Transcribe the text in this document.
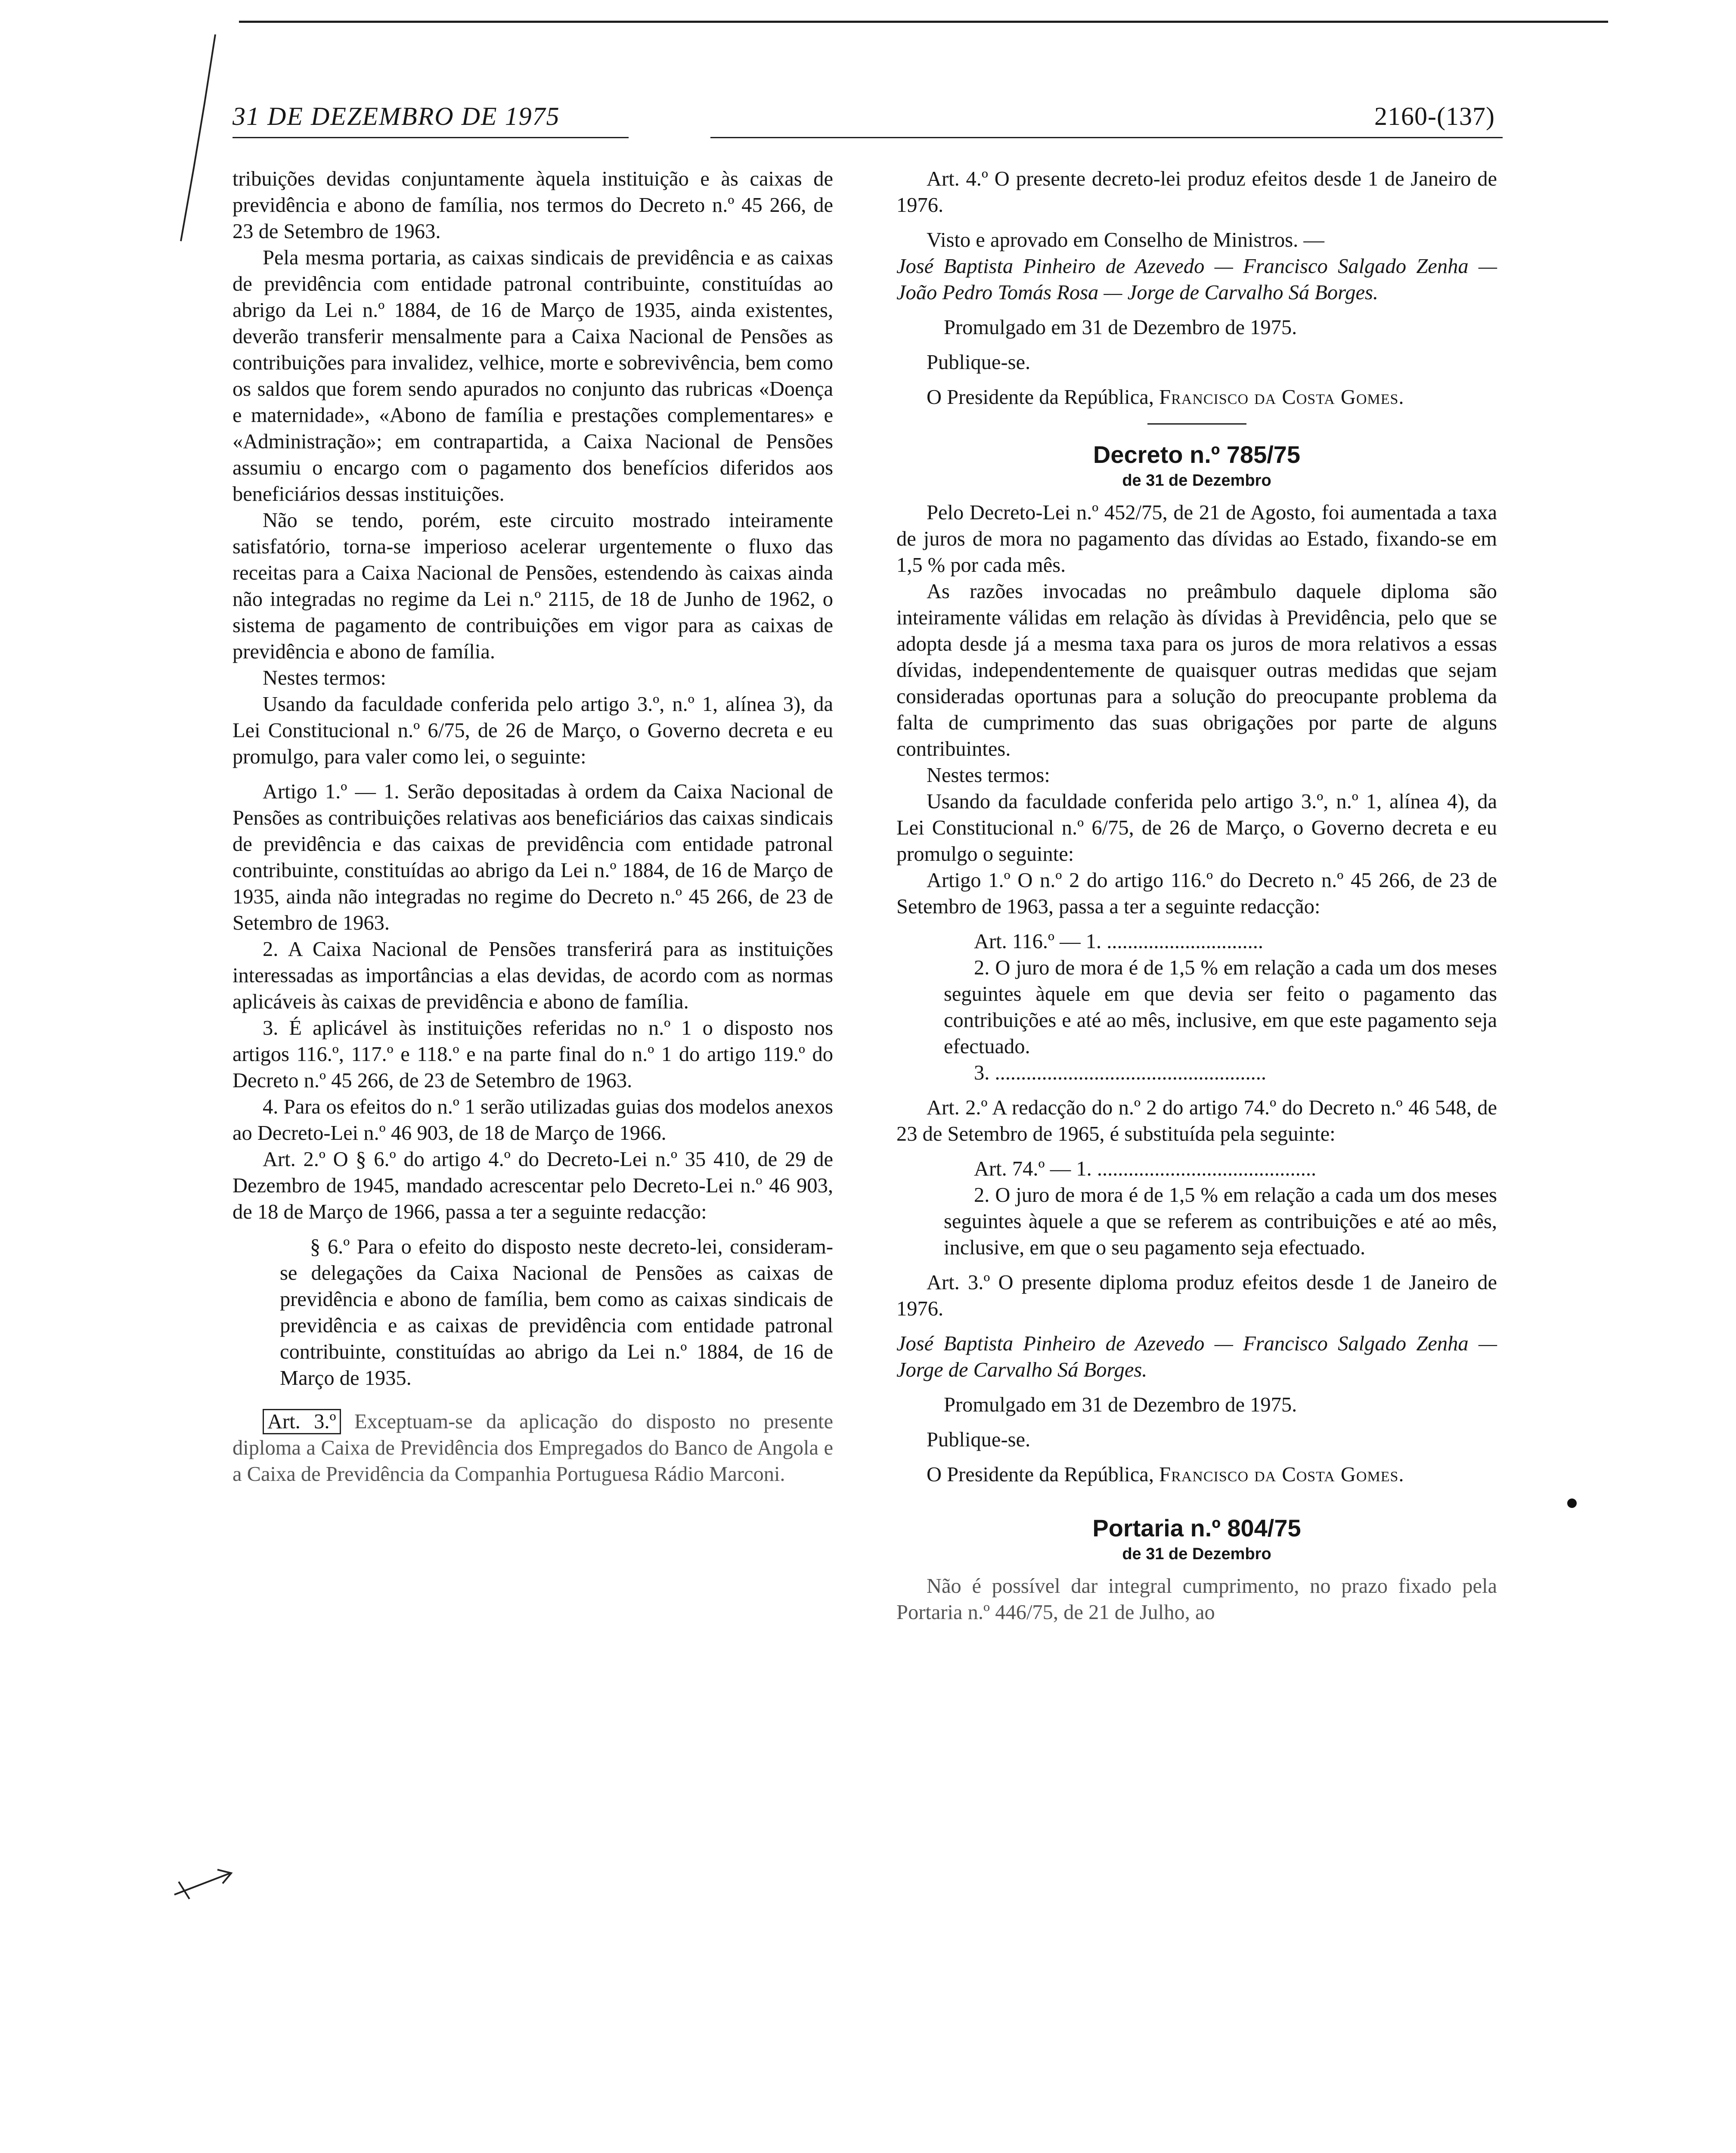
31 DE DEZEMBRO DE 1975	2160-(137)

tribuições devidas conjuntamente àquela instituição e às caixas de previdência e abono de família, nos termos do Decreto n.º 45 266, de 23 de Setembro de 1963.

Pela mesma portaria, as caixas sindicais de previdência e as caixas de previdência com entidade patronal contribuinte, constituídas ao abrigo da Lei n.º 1884, de 16 de Março de 1935, ainda existentes, deverão transferir mensalmente para a Caixa Nacional de Pensões as contribuições para invalidez, velhice, morte e sobrevivência, bem como os saldos que forem sendo apurados no conjunto das rubricas «Doença e maternidade», «Abono de família e prestações complementares» e «Administração»; em contrapartida, a Caixa Nacional de Pensões assumiu o encargo com o pagamento dos benefícios diferidos aos beneficiários dessas instituições.

Não se tendo, porém, este circuito mostrado inteiramente satisfatório, torna-se imperioso acelerar urgentemente o fluxo das receitas para a Caixa Nacional de Pensões, estendendo às caixas ainda não integradas no regime da Lei n.º 2115, de 18 de Junho de 1962, o sistema de pagamento de contribuições em vigor para as caixas de previdência e abono de família.

Nestes termos:

Usando da faculdade conferida pelo artigo 3.º, n.º 1, alínea 3), da Lei Constitucional n.º 6/75, de 26 de Março, o Governo decreta e eu promulgo, para valer como lei, o seguinte:

Artigo 1.º — 1. Serão depositadas à ordem da Caixa Nacional de Pensões as contribuições relativas aos beneficiários das caixas sindicais de previdência e das caixas de previdência com entidade patronal contribuinte, constituídas ao abrigo da Lei n.º 1884, de 16 de Março de 1935, ainda não integradas no regime do Decreto n.º 45 266, de 23 de Setembro de 1963.

2. A Caixa Nacional de Pensões transferirá para as instituições interessadas as importâncias a elas devidas, de acordo com as normas aplicáveis às caixas de previdência e abono de família.

3. É aplicável às instituições referidas no n.º 1 o disposto nos artigos 116.º, 117.º e 118.º e na parte final do n.º 1 do artigo 119.º do Decreto n.º 45 266, de 23 de Setembro de 1963.

4. Para os efeitos do n.º 1 serão utilizadas guias dos modelos anexos ao Decreto-Lei n.º 46 903, de 18 de Março de 1966.

Art. 2.º O § 6.º do artigo 4.º do Decreto-Lei n.º 35 410, de 29 de Dezembro de 1945, mandado acrescentar pelo Decreto-Lei n.º 46 903, de 18 de Março de 1966, passa a ter a seguinte redacção:

§ 6.º Para o efeito do disposto neste decreto-lei, consideram-se delegações da Caixa Nacional de Pensões as caixas de previdência e abono de família, bem como as caixas sindicais de previdência e as caixas de previdência com entidade patronal contribuinte, constituídas ao abrigo da Lei n.º 1884, de 16 de Março de 1935.

Art. 3.º Exceptuam-se da aplicação do disposto no presente diploma a Caixa de Previdência dos Empregados do Banco de Angola e a Caixa de Previdência da Companhia Portuguesa Rádio Marconi.

Art. 4.º O presente decreto-lei produz efeitos desde 1 de Janeiro de 1976.

Visto e aprovado em Conselho de Ministros. —

José Baptista Pinheiro de Azevedo — Francisco Salgado Zenha — João Pedro Tomás Rosa — Jorge de Carvalho Sá Borges.

Promulgado em 31 de Dezembro de 1975.

Publique-se.

O Presidente da República, Francisco da Costa Gomes.

Decreto n.º 785/75
de 31 de Dezembro

Pelo Decreto-Lei n.º 452/75, de 21 de Agosto, foi aumentada a taxa de juros de mora no pagamento das dívidas ao Estado, fixando-se em 1,5 % por cada mês.

As razões invocadas no preâmbulo daquele diploma são inteiramente válidas em relação às dívidas à Previdência, pelo que se adopta desde já a mesma taxa para os juros de mora relativos a essas dívidas, independentemente de quaisquer outras medidas que sejam consideradas oportunas para a solução do preocupante problema da falta de cumprimento das suas obrigações por parte de alguns contribuintes.

Nestes termos:

Usando da faculdade conferida pelo artigo 3.º, n.º 1, alínea 4), da Lei Constitucional n.º 6/75, de 26 de Março, o Governo decreta e eu promulgo o seguinte:

Artigo 1.º O n.º 2 do artigo 116.º do Decreto n.º 45 266, de 23 de Setembro de 1963, passa a ter a seguinte redacção:

Art. 116.º — 1. ..............................

2. O juro de mora é de 1,5 % em relação a cada um dos meses seguintes àquele em que devia ser feito o pagamento das contribuições e até ao mês, inclusive, em que este pagamento seja efectuado.

3. ....................................................

Art. 2.º A redacção do n.º 2 do artigo 74.º do Decreto n.º 46 548, de 23 de Setembro de 1965, é substituída pela seguinte:

Art. 74.º — 1. ..........................................

2. O juro de mora é de 1,5 % em relação a cada um dos meses seguintes àquele a que se referem as contribuições e até ao mês, inclusive, em que o seu pagamento seja efectuado.

Art. 3.º O presente diploma produz efeitos desde 1 de Janeiro de 1976.

José Baptista Pinheiro de Azevedo — Francisco Salgado Zenha — Jorge de Carvalho Sá Borges.

Promulgado em 31 de Dezembro de 1975.

Publique-se.

O Presidente da República, Francisco da Costa Gomes.

Portaria n.º 804/75
de 31 de Dezembro

Não é possível dar integral cumprimento, no prazo fixado pela Portaria n.º 446/75, de 21 de Julho, ao
